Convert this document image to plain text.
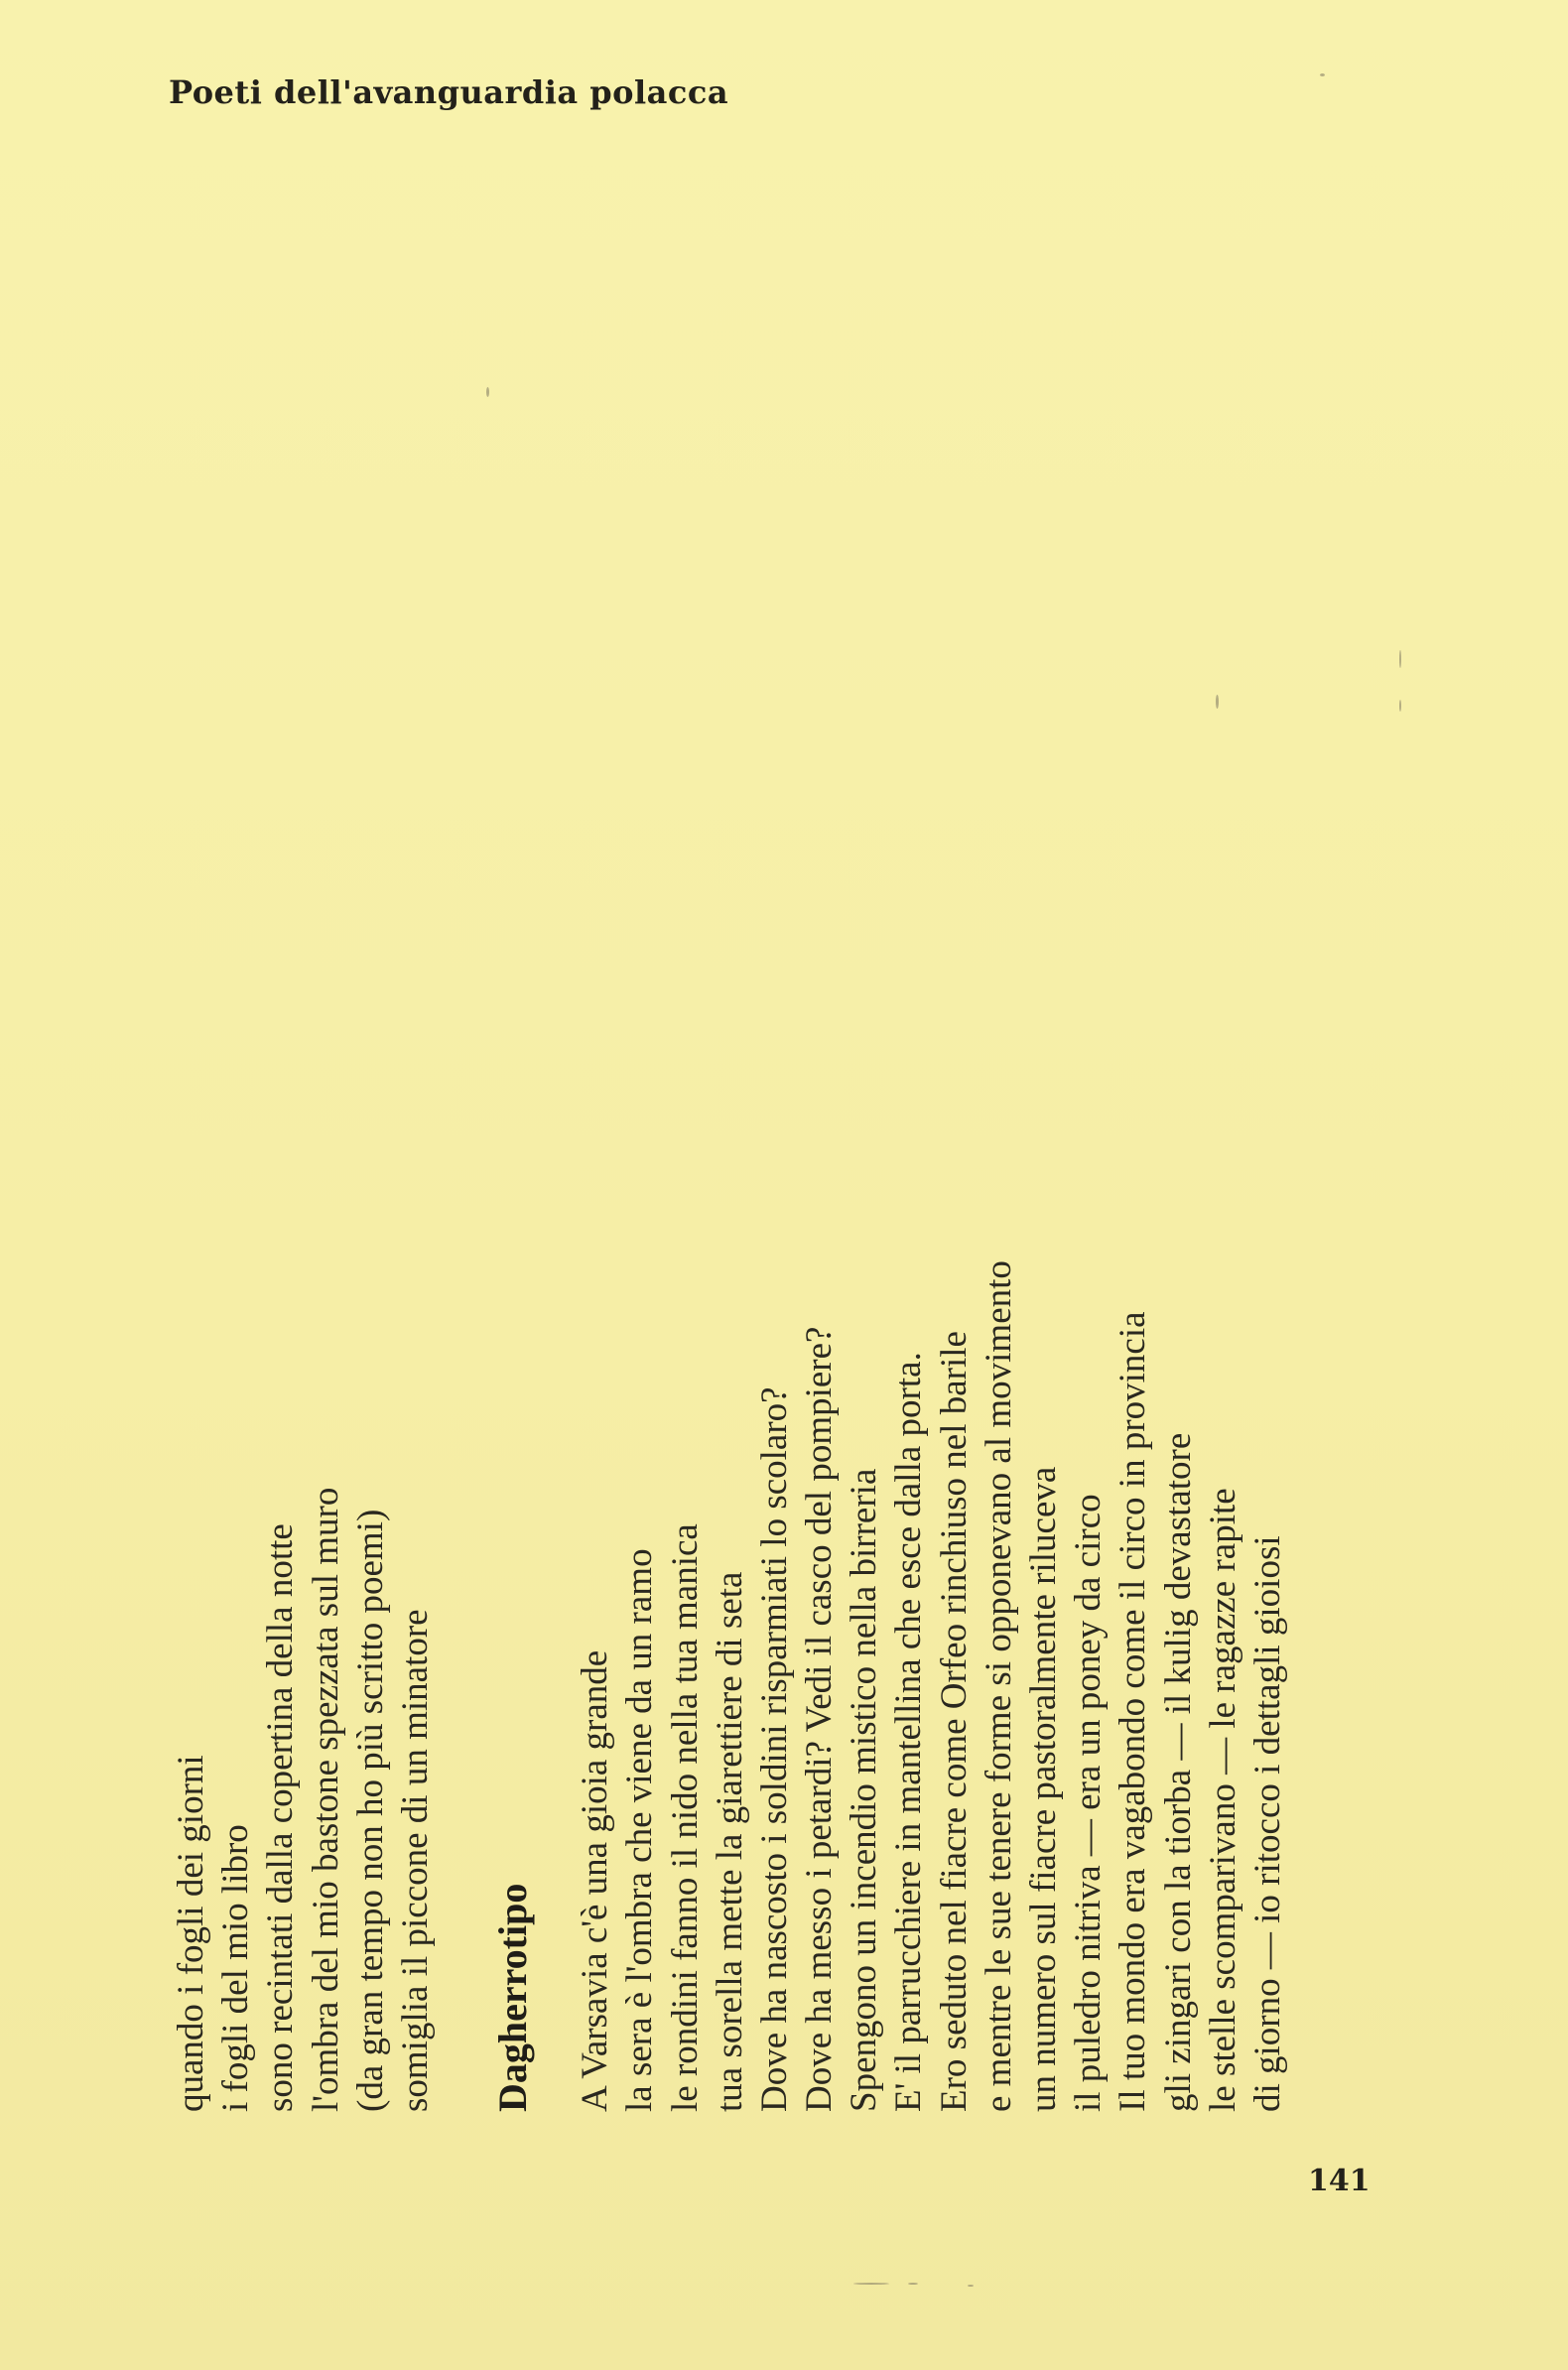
Poeti dell'avanguardia polacca
quando i fogli dei giorni i fogli del mio libro sono recintati dalla copertina della notte l'ombra del mio bastone spezzata sul muro (da gran tempo non ho più scritto poemi) somiglia il piccone di un minatore Dagherrotipo A Varsavia c'è una gioia grande la sera è l'ombra che viene da un ramo le rondini fanno il nido nella tua manica tua sorella mette la giarettiere di seta Dove ha nascosto i soldini risparmiati lo scolaro? Dove ha messo i petardi? Vedi il casco del pompiere? Spengono un incendio mistico nella birreria E' il parrucchiere in mantellina che esce dalla porta. Ero seduto nel fiacre come Orfeo rinchiuso nel barile e mentre le sue tenere forme si opponevano al movimento un numero sul fiacre pastoralmente riluceva il puledro nitriva — era un poney da circo Il tuo mondo era vagabondo come il circo in provincia gli zingari con la tiorba — il kulig devastatore le stelle scomparivano — le ragazze rapite di giorno — io ritocco i dettagli gioiosi
141
